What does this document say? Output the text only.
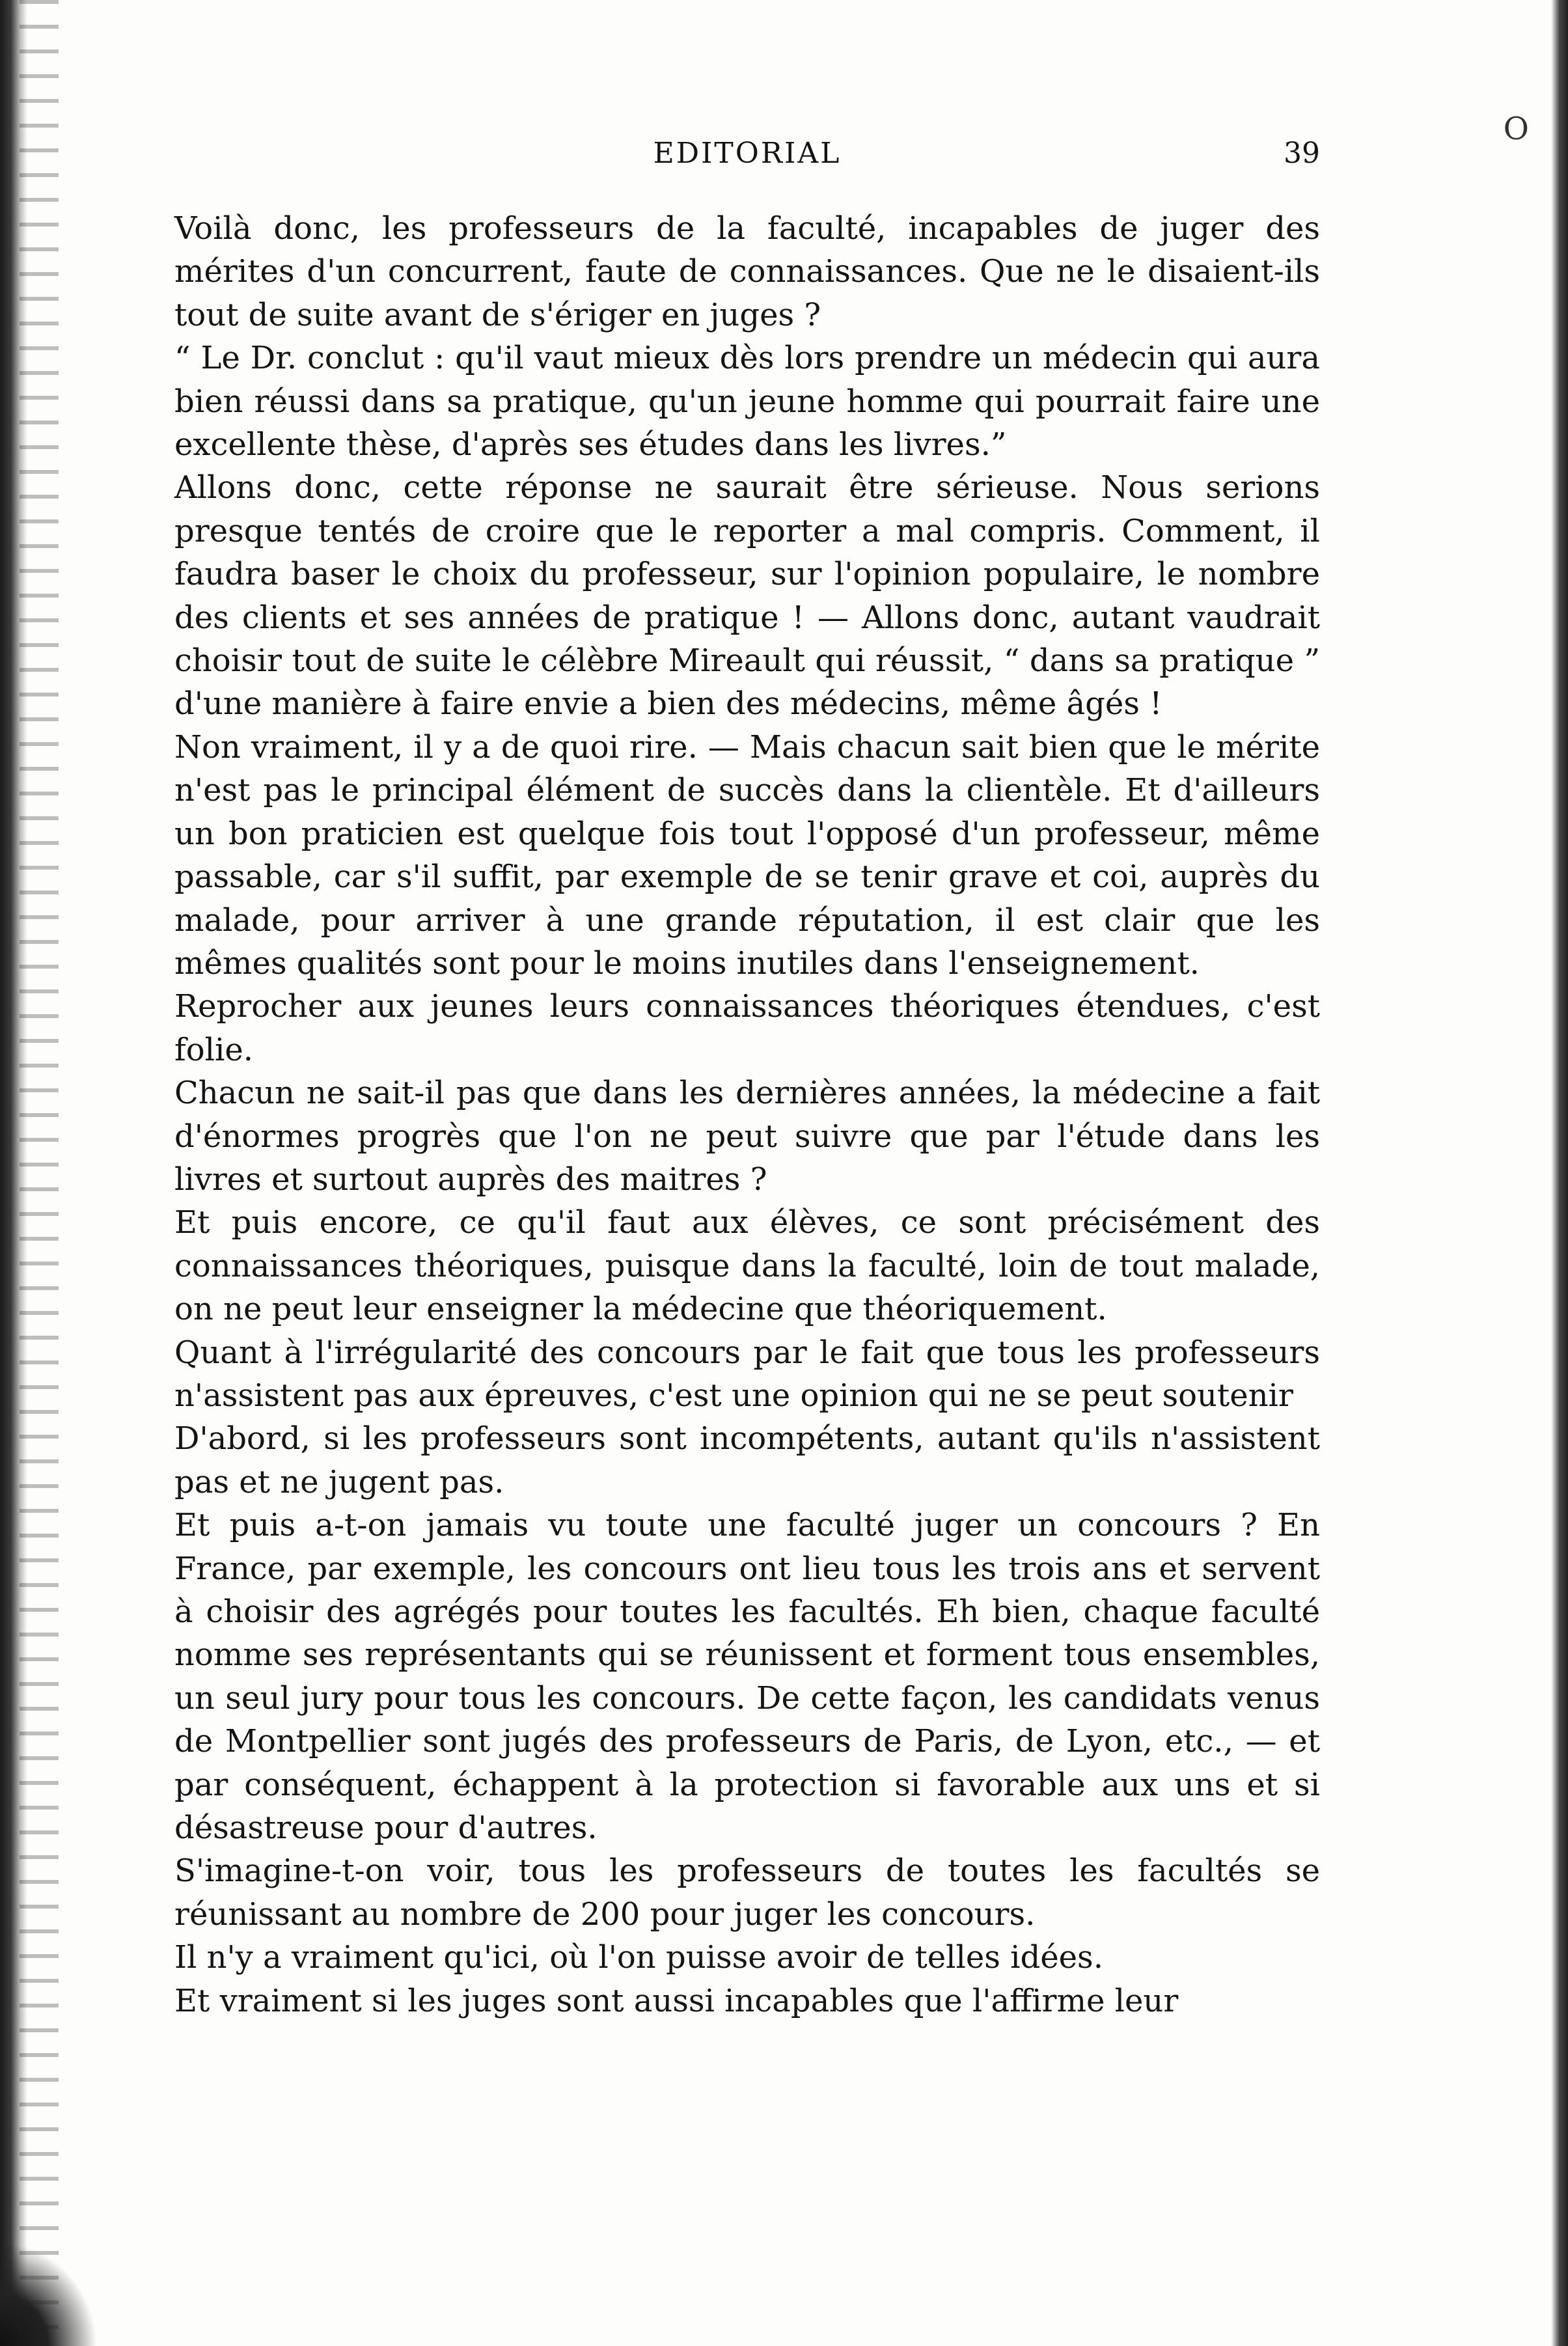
O
EDITORIAL	39

Voilà donc, les professeurs de la faculté, incapables de juger des mérites d'un concurrent, faute de connaissances. Que ne le disaient-ils tout de suite avant de s'ériger en juges ?

“ Le Dr. conclut : qu'il vaut mieux dès lors prendre un médecin qui aura bien réussi dans sa pratique, qu'un jeune homme qui pourrait faire une excellente thèse, d'après ses études dans les livres.”

Allons donc, cette réponse ne saurait être sérieuse. Nous serions presque tentés de croire que le reporter a mal compris. Comment, il faudra baser le choix du professeur, sur l'opinion populaire, le nombre des clients et ses années de pratique ! — Allons donc, autant vaudrait choisir tout de suite le célèbre Mireault qui réussit, “ dans sa pratique ” d'une manière à faire envie a bien des médecins, même âgés !

Non vraiment, il y a de quoi rire. — Mais chacun sait bien que le mérite n'est pas le principal élément de succès dans la clientèle. Et d'ailleurs un bon praticien est quelque fois tout l'opposé d'un professeur, même passable, car s'il suffit, par exemple de se tenir grave et coi, auprès du malade, pour arriver à une grande réputation, il est clair que les mêmes qualités sont pour le moins inutiles dans l'enseignement.

Reprocher aux jeunes leurs connaissances théoriques étendues, c'est folie.

Chacun ne sait-il pas que dans les dernières années, la médecine a fait d'énormes progrès que l'on ne peut suivre que par l'étude dans les livres et surtout auprès des maitres ?

Et puis encore, ce qu'il faut aux élèves, ce sont précisément des connaissances théoriques, puisque dans la faculté, loin de tout malade, on ne peut leur enseigner la médecine que théoriquement.

Quant à l'irrégularité des concours par le fait que tous les professeurs n'assistent pas aux épreuves, c'est une opinion qui ne se peut soutenir

D'abord, si les professeurs sont incompétents, autant qu'ils n'assistent pas et ne jugent pas.

Et puis a-t-on jamais vu toute une faculté juger un concours ? En France, par exemple, les concours ont lieu tous les trois ans et servent à choisir des agrégés pour toutes les facultés. Eh bien, chaque faculté nomme ses représentants qui se réunissent et forment tous ensembles, un seul jury pour tous les concours. De cette façon, les candidats venus de Montpellier sont jugés des professeurs de Paris, de Lyon, etc., — et par conséquent, échappent à la protection si favorable aux uns et si désastreuse pour d'autres.

S'imagine-t-on voir, tous les professeurs de toutes les facultés se réunissant au nombre de 200 pour juger les concours.

Il n'y a vraiment qu'ici, où l'on puisse avoir de telles idées.

Et vraiment si les juges sont aussi incapables que l'affirme leur
